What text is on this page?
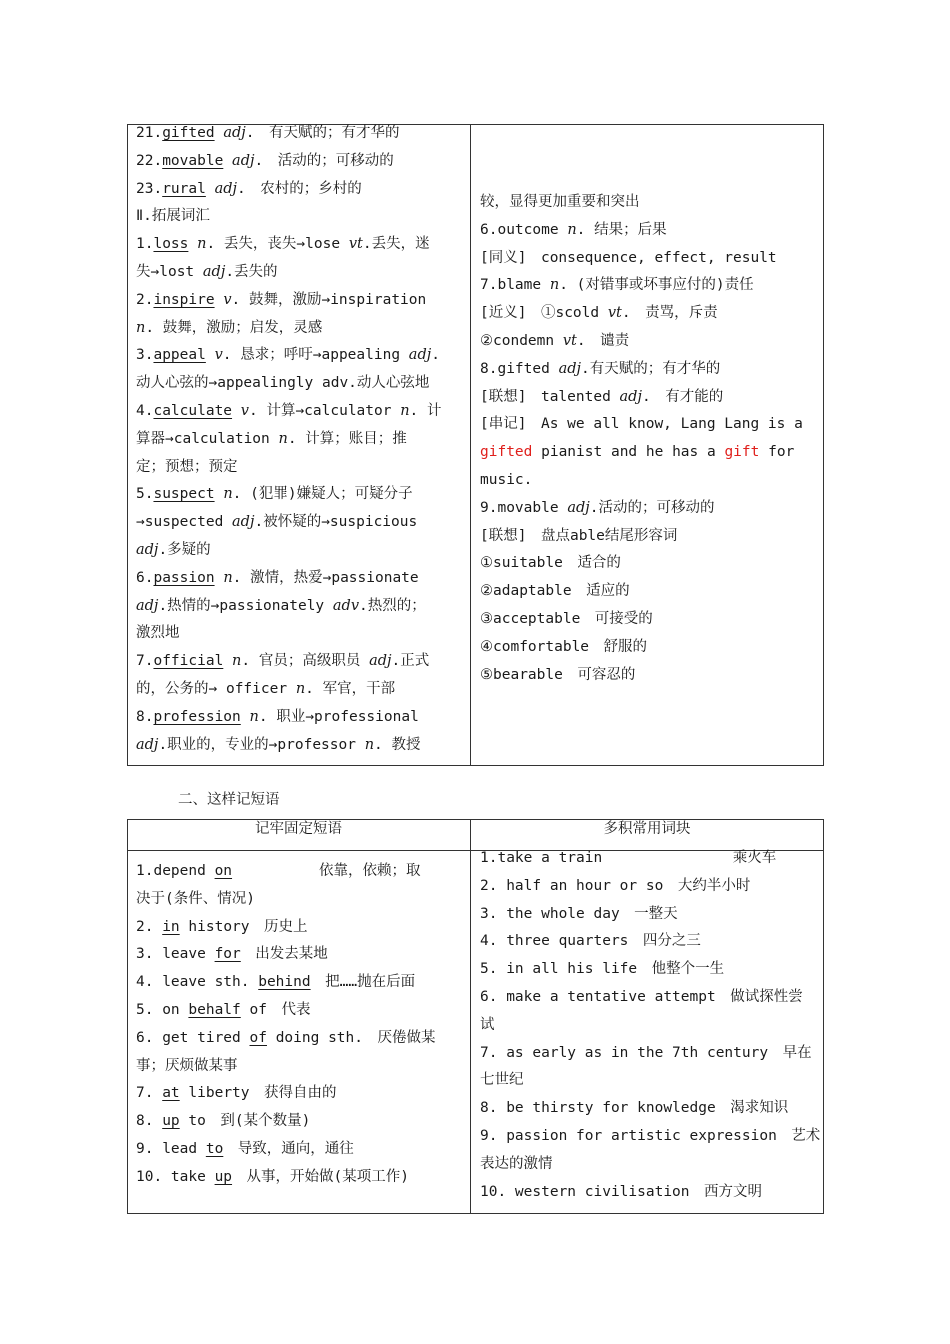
21.gifted adj.　有天赋的；有才华的
22.movable adj.　活动的；可移动的
23.rural adj.　农村的；乡村的
Ⅱ.拓展词汇
1.loss n. 丢失，丧失→lose vt.丢失，迷
失→lost adj.丢失的
2.inspire v. 鼓舞，激励→inspiration
n. 鼓舞，激励；启发，灵感
3.appeal v. 恳求；呼吁→appealing adj.
动人心弦的→appealingly adv.动人心弦地
4.calculate v. 计算→calculator n. 计
算器→calculation n. 计算；账目；推
定；预想；预定
5.suspect n. (犯罪)嫌疑人；可疑分子
→suspected adj.被怀疑的→suspicious
adj.多疑的
6.passion n. 激情，热爱→passionate
adj.热情的→passionately adv.热烈的；
激烈地
7.official n. 官员；高级职员 adj.正式
的，公务的→ officer n. 军官，干部
8.profession n. 职业→professional
adj.职业的，专业的→professor n. 教授
较，显得更加重要和突出
6.outcome n. 结果；后果
[同义]　consequence, effect, result
7.blame n. (对错事或坏事应付的)责任
[近义]　①scold vt.　责骂，斥责
②condemn vt.　谴责
8.gifted adj.有天赋的；有才华的
[联想]　talented adj.　有才能的
[串记]　As we all know, Lang Lang is a
gifted pianist and he has a gift for
music.
9.movable adj.活动的；可移动的
[联想]　盘点able结尾形容词
①suitable　适合的
②adaptable　适应的
③acceptable　可接受的
④comfortable　舒服的
⑤bearable　可容忍的
二、这样记短语
记牢固定短语	多积常用词块
1.depend on　　　　　　依靠，依赖；取
决于(条件、情况)
2. in history　历史上
3. leave for　出发去某地
4. leave sth. behind　把……抛在后面
5. on behalf of　代表
6. get tired of doing sth.　厌倦做某
事；厌烦做某事
7. at liberty　获得自由的
8. up to　到(某个数量)
9. lead to　导致，通向，通往
10. take up　从事，开始做(某项工作)
1.take a train　　　　　　　　　乘火车
2. half an hour or so　大约半小时
3. the whole day　一整天
4. three quarters　四分之三
5. in all his life　他整个一生
6. make a tentative attempt　做试探性尝
试
7. as early as in the 7th century　早在
七世纪
8. be thirsty for knowledge　渴求知识
9. passion for artistic expression　艺术
表达的激情
10. western civilisation　西方文明
